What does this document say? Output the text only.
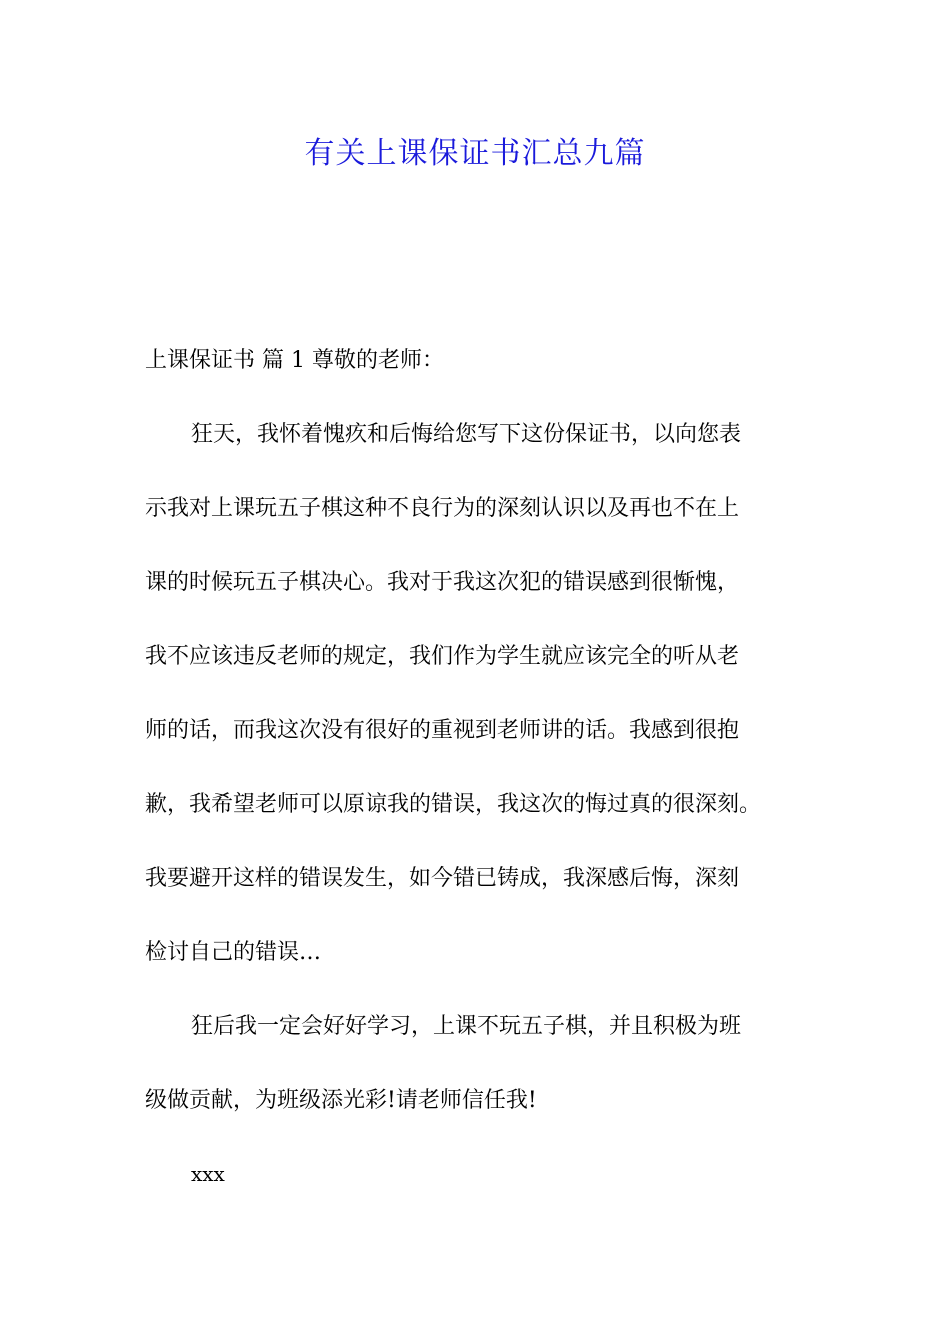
有关上课保证书汇总九篇
上课保证书 篇 1 尊敬的老师：
狂天，我怀着愧疚和后悔给您写下这份保证书，以向您表
示我对上课玩五子棋这种不良行为的深刻认识以及再也不在上
课的时候玩五子棋决心。我对于我这次犯的错误感到很惭愧，
我不应该违反老师的规定，我们作为学生就应该完全的听从老
师的话，而我这次没有很好的重视到老师讲的话。我感到很抱
歉，我希望老师可以原谅我的错误，我这次的悔过真的很深刻。
我要避开这样的错误发生，如今错已铸成，我深感后悔，深刻
检讨自己的错误…
狂后我一定会好好学习，上课不玩五子棋，并且积极为班
级做贡献，为班级添光彩!请老师信任我!
xxx
